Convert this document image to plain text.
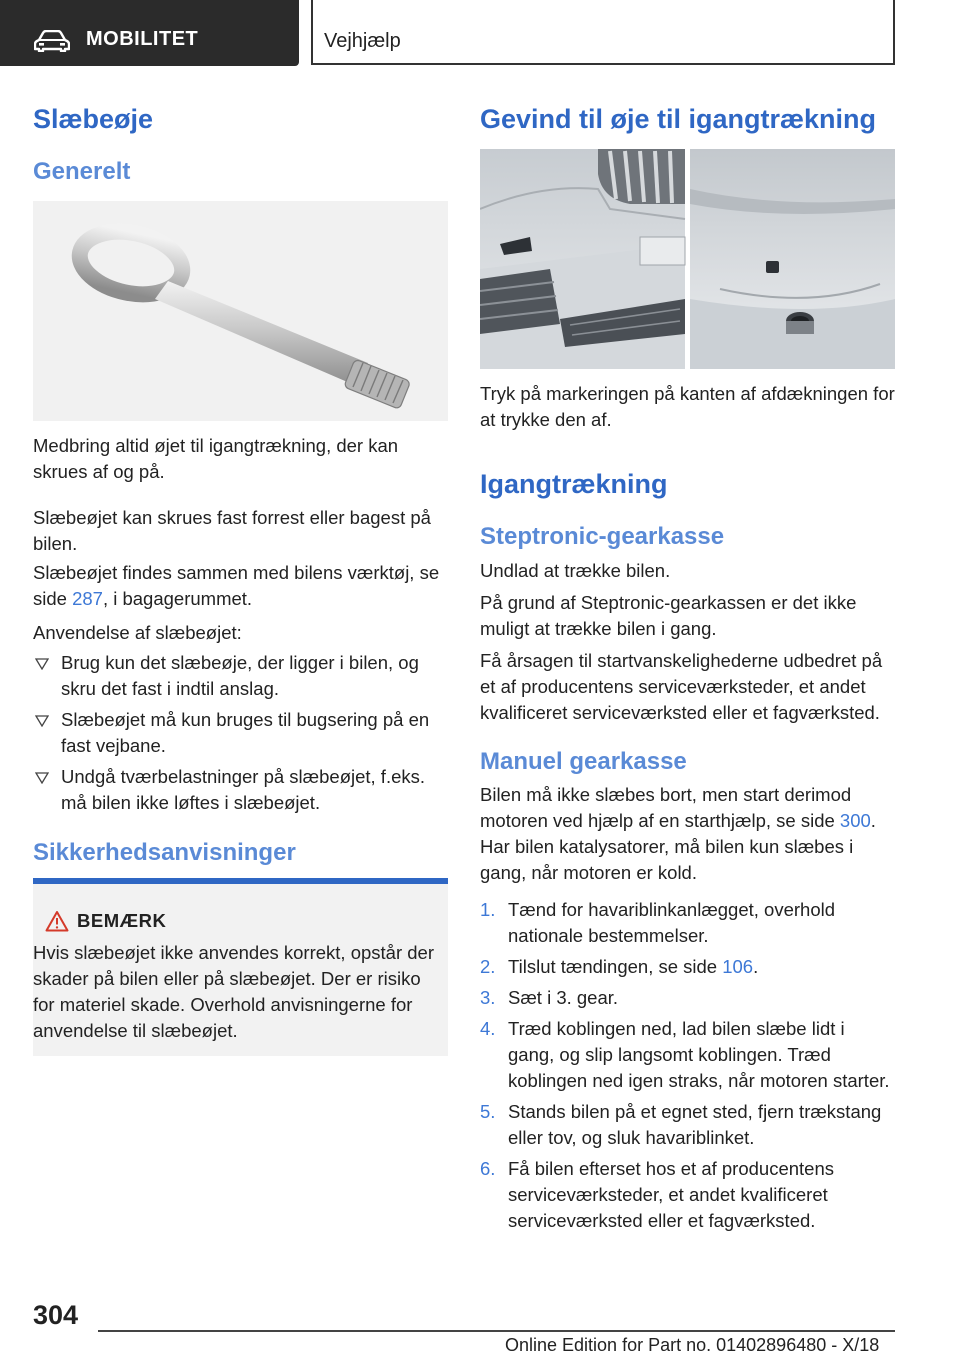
MOBILITET	Vejhjælp
Slæbeøje
Generelt
Medbring altid øjet til igangtrækning, der kan skrues af og på.
Slæbeøjet kan skrues fast forrest eller bagest på bilen.
Slæbeøjet findes sammen med bilens værktøj, se side 287, i bagagerummet.
Anvendelse af slæbeøjet:
Brug kun det slæbeøje, der ligger i bilen, og skru det fast i indtil anslag.
Slæbeøjet må kun bruges til bugsering på en fast vejbane.
Undgå tværbelastninger på slæbeøjet, f.eks. må bilen ikke løftes i slæbeøjet.
Sikkerhedsanvisninger
BEMÆRK
Hvis slæbeøjet ikke anvendes korrekt, opstår der skader på bilen eller på slæbeøjet. Der er risiko for materiel skade. Overhold anvisningerne for anvendelse til slæbeøjet.
Gevind til øje til igangtrækning
Tryk på markeringen på kanten af afdækningen for at trykke den af.
Igangtrækning
Steptronic-gearkasse
Undlad at trække bilen.
På grund af Steptronic-gearkassen er det ikke muligt at trække bilen i gang.
Få årsagen til startvanskelighederne udbedret på et af producentens serviceværksteder, et andet kvalificeret serviceværksted eller et fagværksted.
Manuel gearkasse
Bilen må ikke slæbes bort, men start derimod motoren ved hjælp af en starthjælp, se side 300. Har bilen katalysatorer, må bilen kun slæbes i gang, når motoren er kold.
1. Tænd for havariblinkanlægget, overhold nationale bestemmelser.
2. Tilslut tændingen, se side 106.
3. Sæt i 3. gear.
4. Træd koblingen ned, lad bilen slæbe lidt i gang, og slip langsomt koblingen. Træd koblingen ned igen straks, når motoren starter.
5. Stands bilen på et egnet sted, fjern trækstang eller tov, og sluk havariblinket.
6. Få bilen efterset hos et af producentens serviceværksteder, et andet kvalificeret serviceværksted eller et fagværksted.
304
Online Edition for Part no. 01402896480 - X/18
